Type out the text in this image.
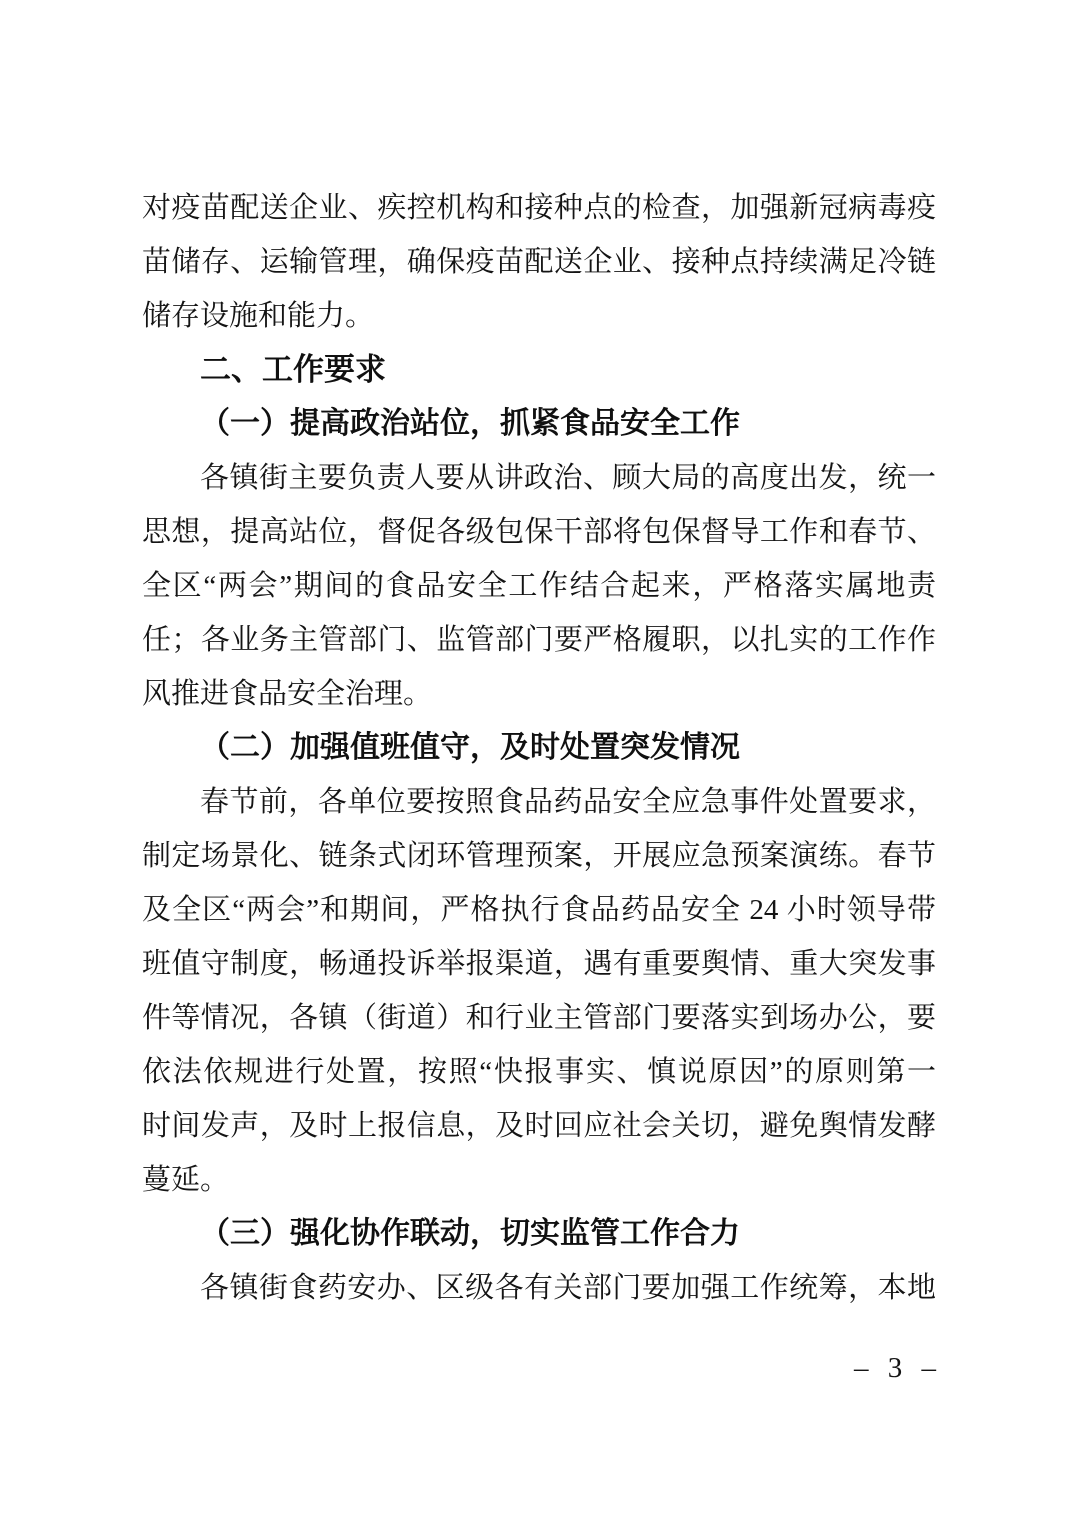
对疫苗配送企业、疾控机构和接种点的检查，加强新冠病毒疫
苗储存、运输管理，确保疫苗配送企业、接种点持续满足冷链
储存设施和能力。
二、工作要求
（一）提高政治站位，抓紧食品安全工作
各镇街主要负责人要从讲政治、顾大局的高度出发，统一
思想，提高站位，督促各级包保干部将包保督导工作和春节、
全区“两会”期间的食品安全工作结合起来，严格落实属地责
任；各业务主管部门、监管部门要严格履职，以扎实的工作作
风推进食品安全治理。
（二）加强值班值守，及时处置突发情况
春节前，各单位要按照食品药品安全应急事件处置要求，
制定场景化、链条式闭环管理预案，开展应急预案演练。春节
及全区“两会”和期间，严格执行食品药品安全 24 小时领导带
班值守制度，畅通投诉举报渠道，遇有重要舆情、重大突发事
件等情况，各镇（街道）和行业主管部门要落实到场办公，要
依法依规进行处置，按照“快报事实、慎说原因”的原则第一
时间发声，及时上报信息，及时回应社会关切，避免舆情发酵
蔓延。
（三）强化协作联动，切实监管工作合力
各镇街食药安办、区级各有关部门要加强工作统筹，本地
– 3 –
